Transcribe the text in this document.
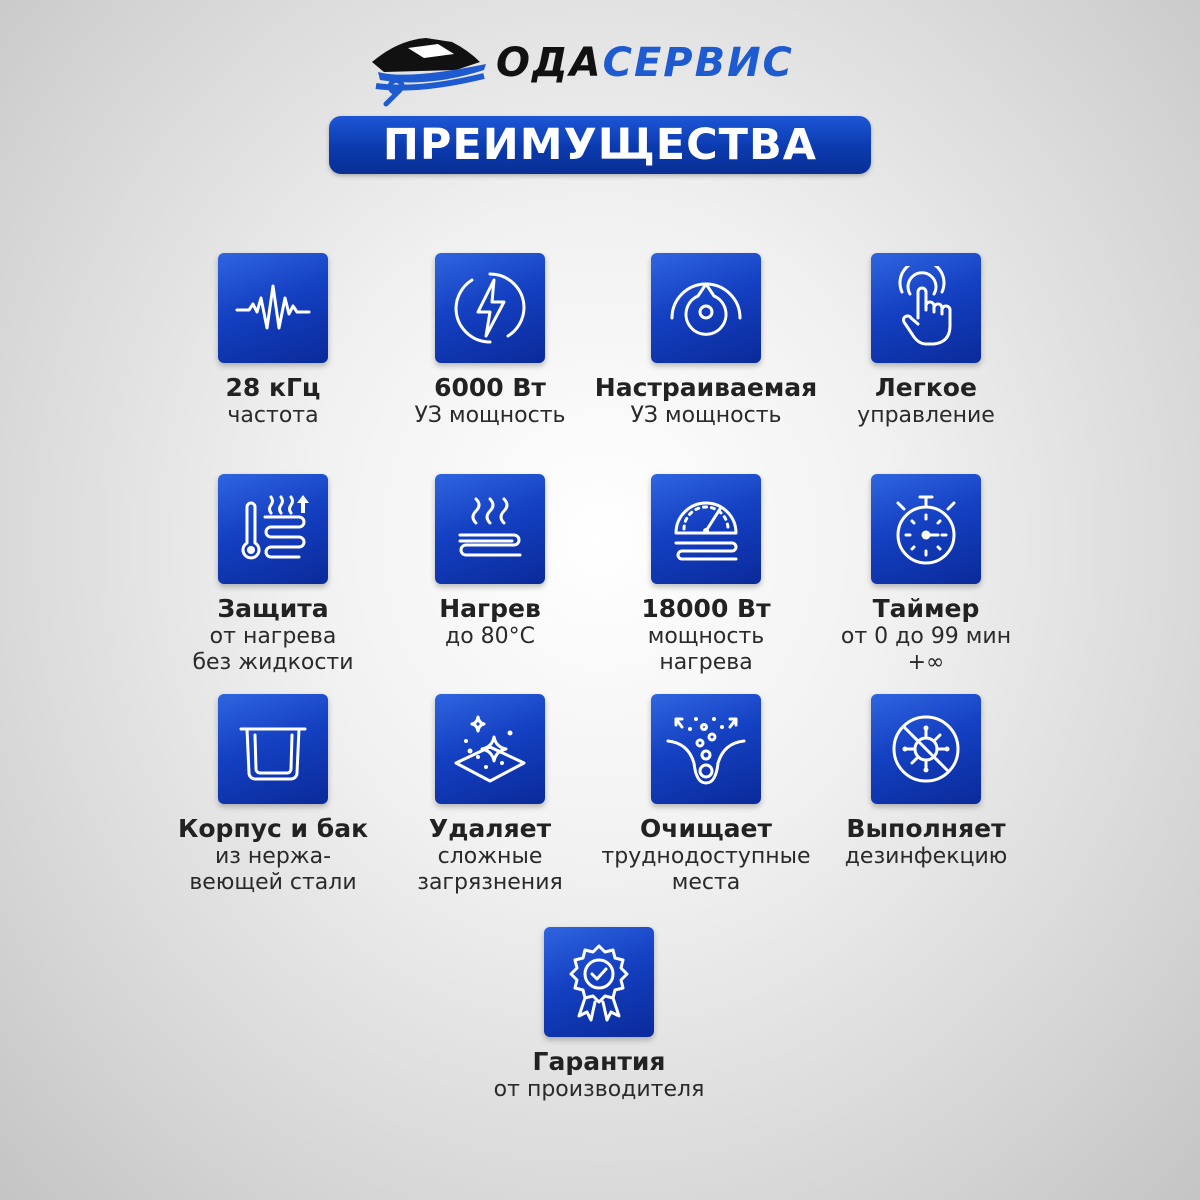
ОДАСЕРВИС
ПРЕИМУЩЕСТВА
28 кГц
частота
6000 Вт
УЗ мощность
Настраиваемая
УЗ мощность
Легкое
управление
Защита
от нагрева
без жидкости
Нагрев
до 80°С
18000 Вт
мощность
нагрева
Таймер
от 0 до 99 мин
+∞
Корпус и бак
из нержа-
веющей стали
Удаляет
сложные
загрязнения
Очищает
труднодоступные
места
Выполняет
дезинфекцию
Гарантия
от производителя
